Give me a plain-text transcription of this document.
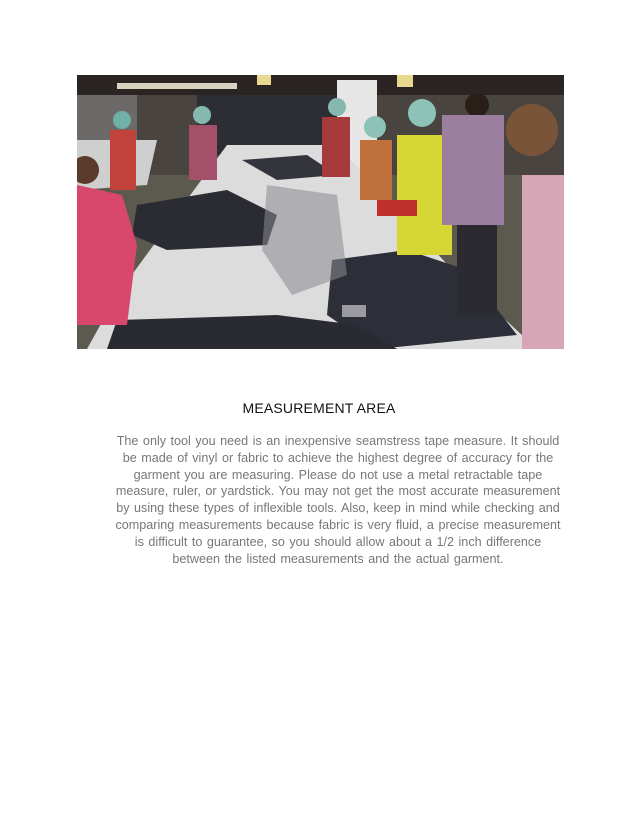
MEASUREMENT AREA

The only tool you need is an inexpensive seamstress tape measure. It should be made of vinyl or fabric to achieve the highest degree of accuracy for the garment you are measuring. Please do not use a metal retractable tape measure, ruler, or yardstick. You may not get the most accurate measurement by using these types of inflexible tools. Also, keep in mind while checking and comparing measurements because fabric is very fluid, a precise measurement is difficult to guarantee, so you should allow about a 1/2 inch difference between the listed measurements and the actual garment.
